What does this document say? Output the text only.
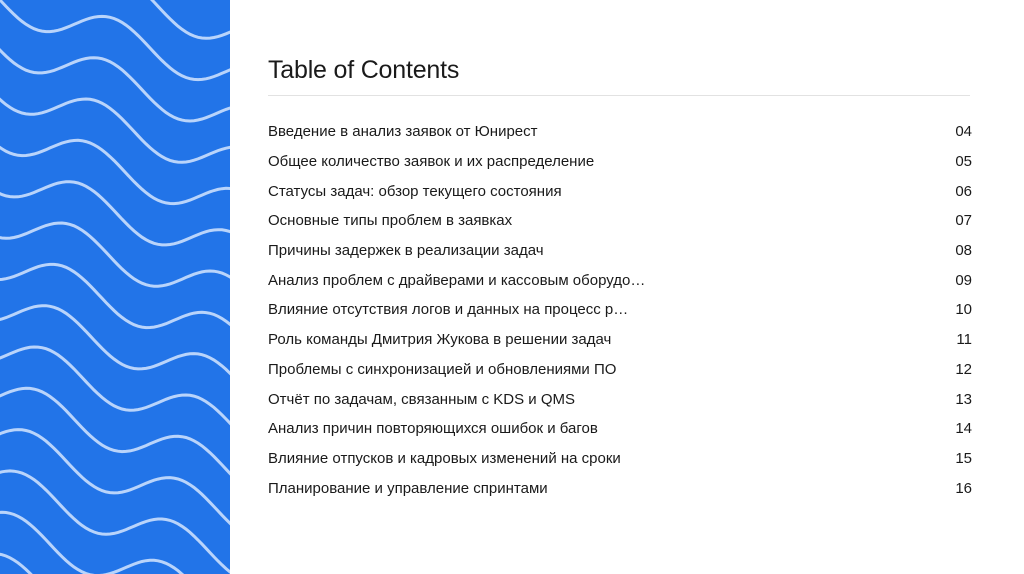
Table of Contents
Введение в анализ заявок от Юнирест	04
Общее количество заявок и их распределение	05
Статусы задач: обзор текущего состояния	06
Основные типы проблем в заявках	07
Причины задержек в реализации задач	08
Анализ проблем с драйверами и кассовым оборудо…	09
Влияние отсутствия логов и данных на процесс р…	10
Роль команды Дмитрия Жукова в решении задач	11
Проблемы с синхронизацией и обновлениями ПО	12
Отчёт по задачам, связанным с KDS и QMS	13
Анализ причин повторяющихся ошибок и багов	14
Влияние отпусков и кадровых изменений на сроки	15
Планирование и управление спринтами	16
